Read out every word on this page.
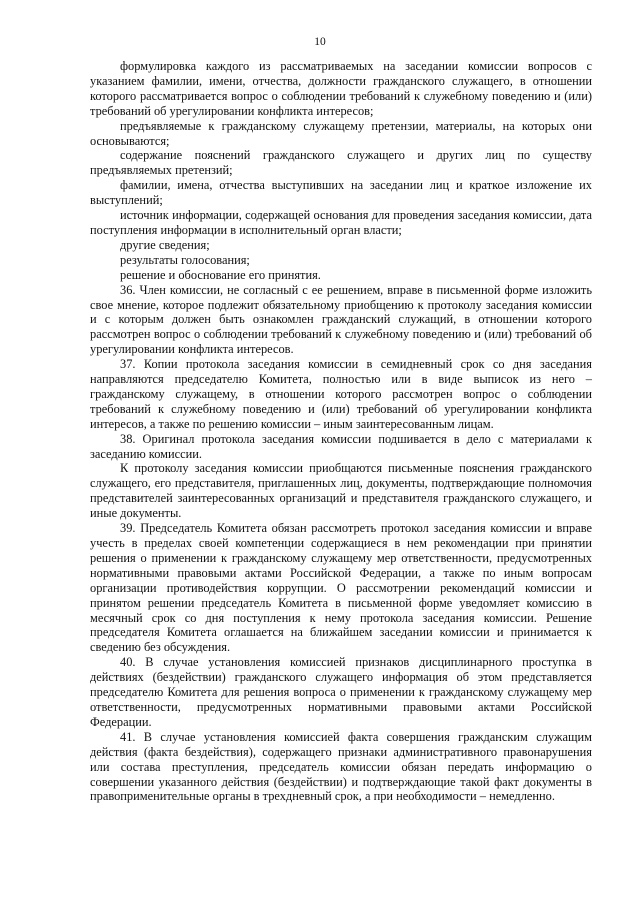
10

формулировка каждого из рассматриваемых на заседании комиссии вопросов с указанием фамилии, имени, отчества, должности гражданского служащего, в отношении которого рассматривается вопрос о соблюдении требований к служебному поведению и (или) требований об урегулировании конфликта интересов;

предъявляемые к гражданскому служащему претензии, материалы, на которых они основываются;

содержание пояснений гражданского служащего и других лиц по существу предъявляемых претензий;

фамилии, имена, отчества выступивших на заседании лиц и краткое изложение их выступлений;

источник информации, содержащей основания для проведения заседания комиссии, дата поступления информации в исполнительный орган власти;

другие сведения;

результаты голосования;

решение и обоснование его принятия.

36. Член комиссии, не согласный с ее решением, вправе в письменной форме изложить свое мнение, которое подлежит обязательному приобщению к протоколу заседания комиссии и с которым должен быть ознакомлен гражданский служащий, в отношении которого рассмотрен вопрос о соблюдении требований к служебному поведению и (или) требований об урегулировании конфликта интересов.

37. Копии протокола заседания комиссии в семидневный срок со дня заседания направляются председателю Комитета, полностью или в виде выписок из него – гражданскому служащему, в отношении которого рассмотрен вопрос о соблюдении требований к служебному поведению и (или) требований об урегулировании конфликта интересов, а также по решению комиссии – иным заинтересованным лицам.

38. Оригинал протокола заседания комиссии подшивается в дело с материалами к заседанию комиссии.

К протоколу заседания комиссии приобщаются письменные пояснения гражданского служащего, его представителя, приглашенных лиц, документы, подтверждающие полномочия представителей заинтересованных организаций и представителя гражданского служащего, и иные документы.

39. Председатель Комитета обязан рассмотреть протокол заседания комиссии и вправе учесть в пределах своей компетенции содержащиеся в нем рекомендации при принятии решения о применении к гражданскому служащему мер ответственности, предусмотренных нормативными правовыми актами Российской Федерации, а также по иным вопросам организации противодействия коррупции. О рассмотрении рекомендаций комиссии и принятом решении председатель Комитета в письменной форме уведомляет комиссию в месячный срок со дня поступления к нему протокола заседания комиссии. Решение председателя Комитета оглашается на ближайшем заседании комиссии и принимается к сведению без обсуждения.

40. В случае установления комиссией признаков дисциплинарного проступка в действиях (бездействии) гражданского служащего информация об этом представляется председателю Комитета для решения вопроса о применении к гражданскому служащему мер ответственности, предусмотренных нормативными правовыми актами Российской Федерации.

41. В случае установления комиссией факта совершения гражданским служащим действия (факта бездействия), содержащего признаки административного правонарушения или состава преступления, председатель комиссии обязан передать информацию о совершении указанного действия (бездействии) и подтверждающие такой факт документы в правоприменительные органы в трехдневный срок, а при необходимости – немедленно.
